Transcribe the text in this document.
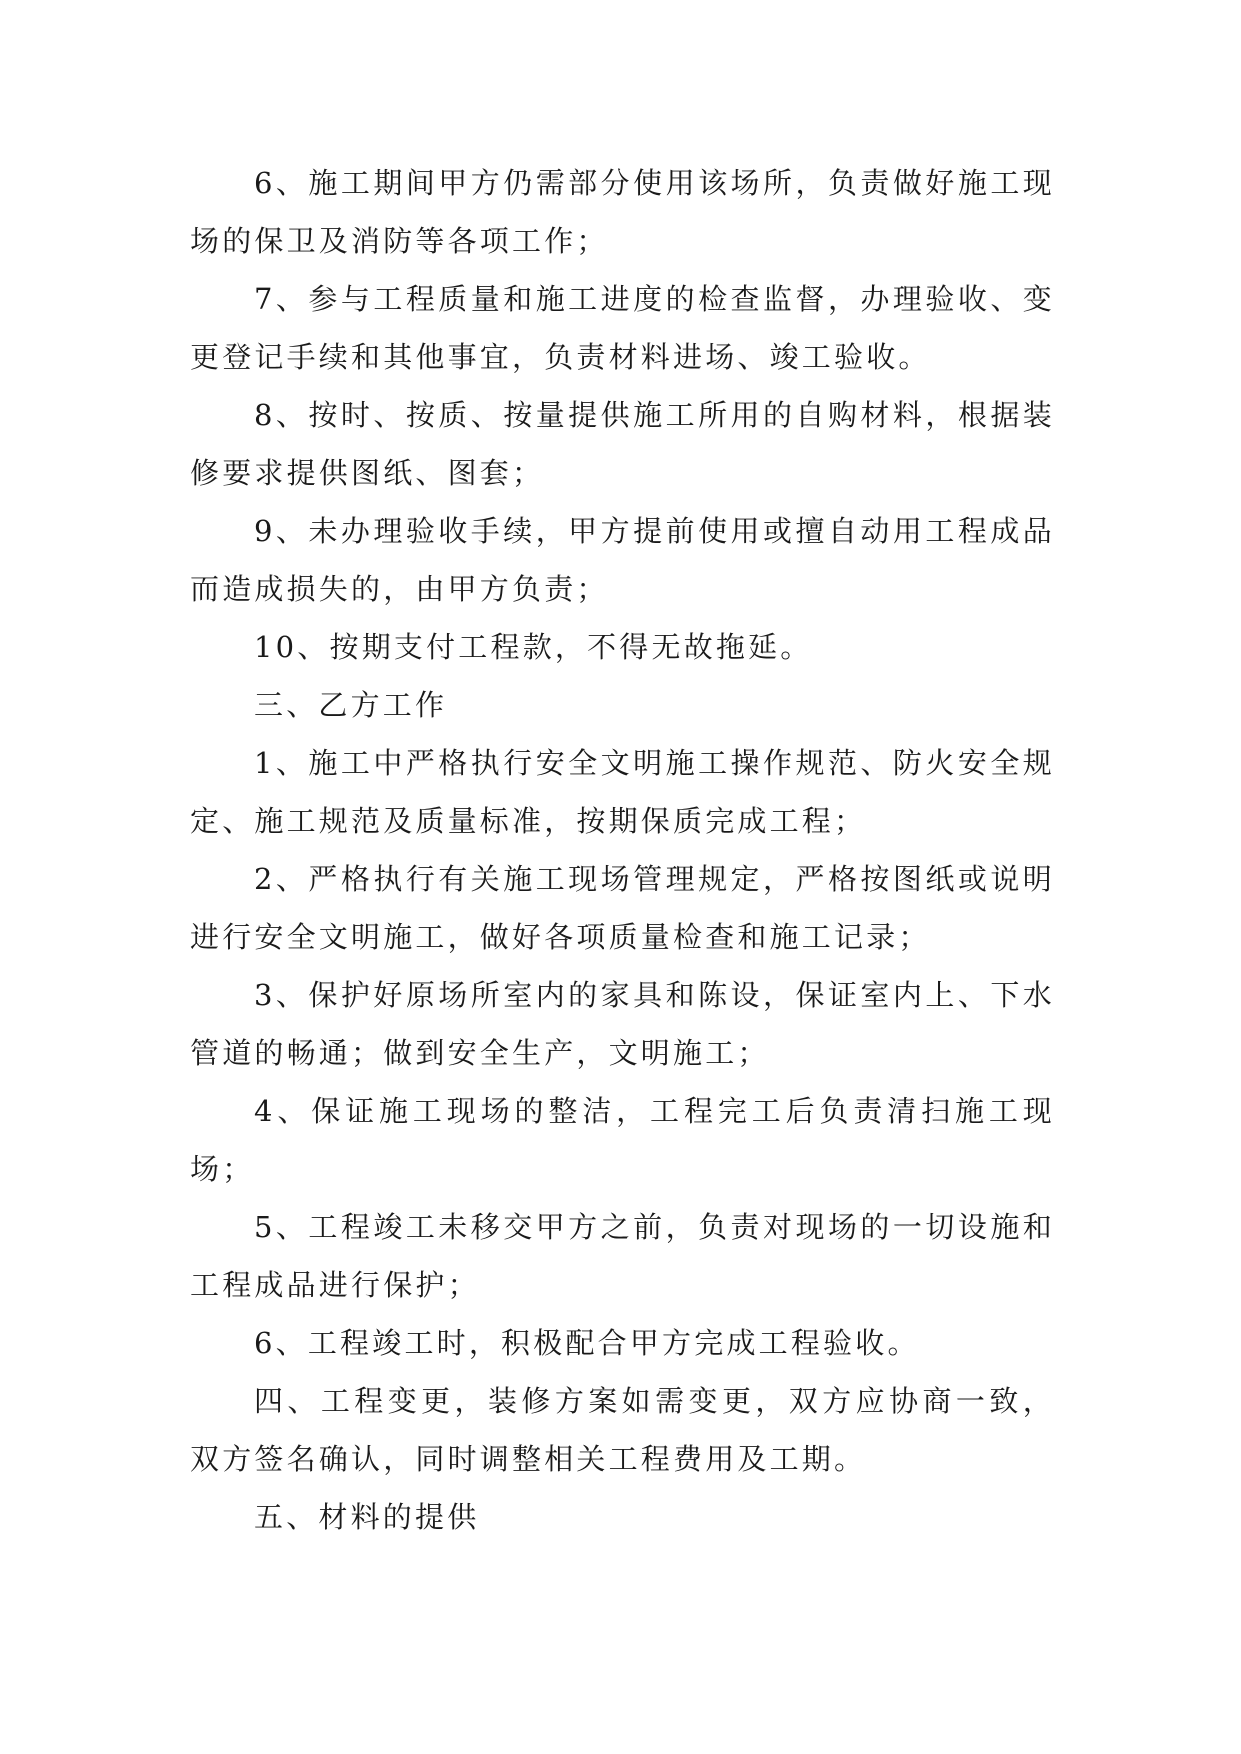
6、施工期间甲方仍需部分使用该场所，负责做好施工现场的保卫及消防等各项工作；

7、参与工程质量和施工进度的检查监督，办理验收、变更登记手续和其他事宜，负责材料进场、竣工验收。

8、按时、按质、按量提供施工所用的自购材料，根据装修要求提供图纸、图套；

9、未办理验收手续，甲方提前使用或擅自动用工程成品而造成损失的，由甲方负责；

10、按期支付工程款，不得无故拖延。

三、乙方工作

1、施工中严格执行安全文明施工操作规范、防火安全规定、施工规范及质量标准，按期保质完成工程；

2、严格执行有关施工现场管理规定，严格按图纸或说明进行安全文明施工，做好各项质量检查和施工记录；

3、保护好原场所室内的家具和陈设，保证室内上、下水管道的畅通；做到安全生产，文明施工；

4、保证施工现场的整洁，工程完工后负责清扫施工现场；

5、工程竣工未移交甲方之前，负责对现场的一切设施和工程成品进行保护；

6、工程竣工时，积极配合甲方完成工程验收。

四、工程变更，装修方案如需变更，双方应协商一致，双方签名确认，同时调整相关工程费用及工期。

五、材料的提供
